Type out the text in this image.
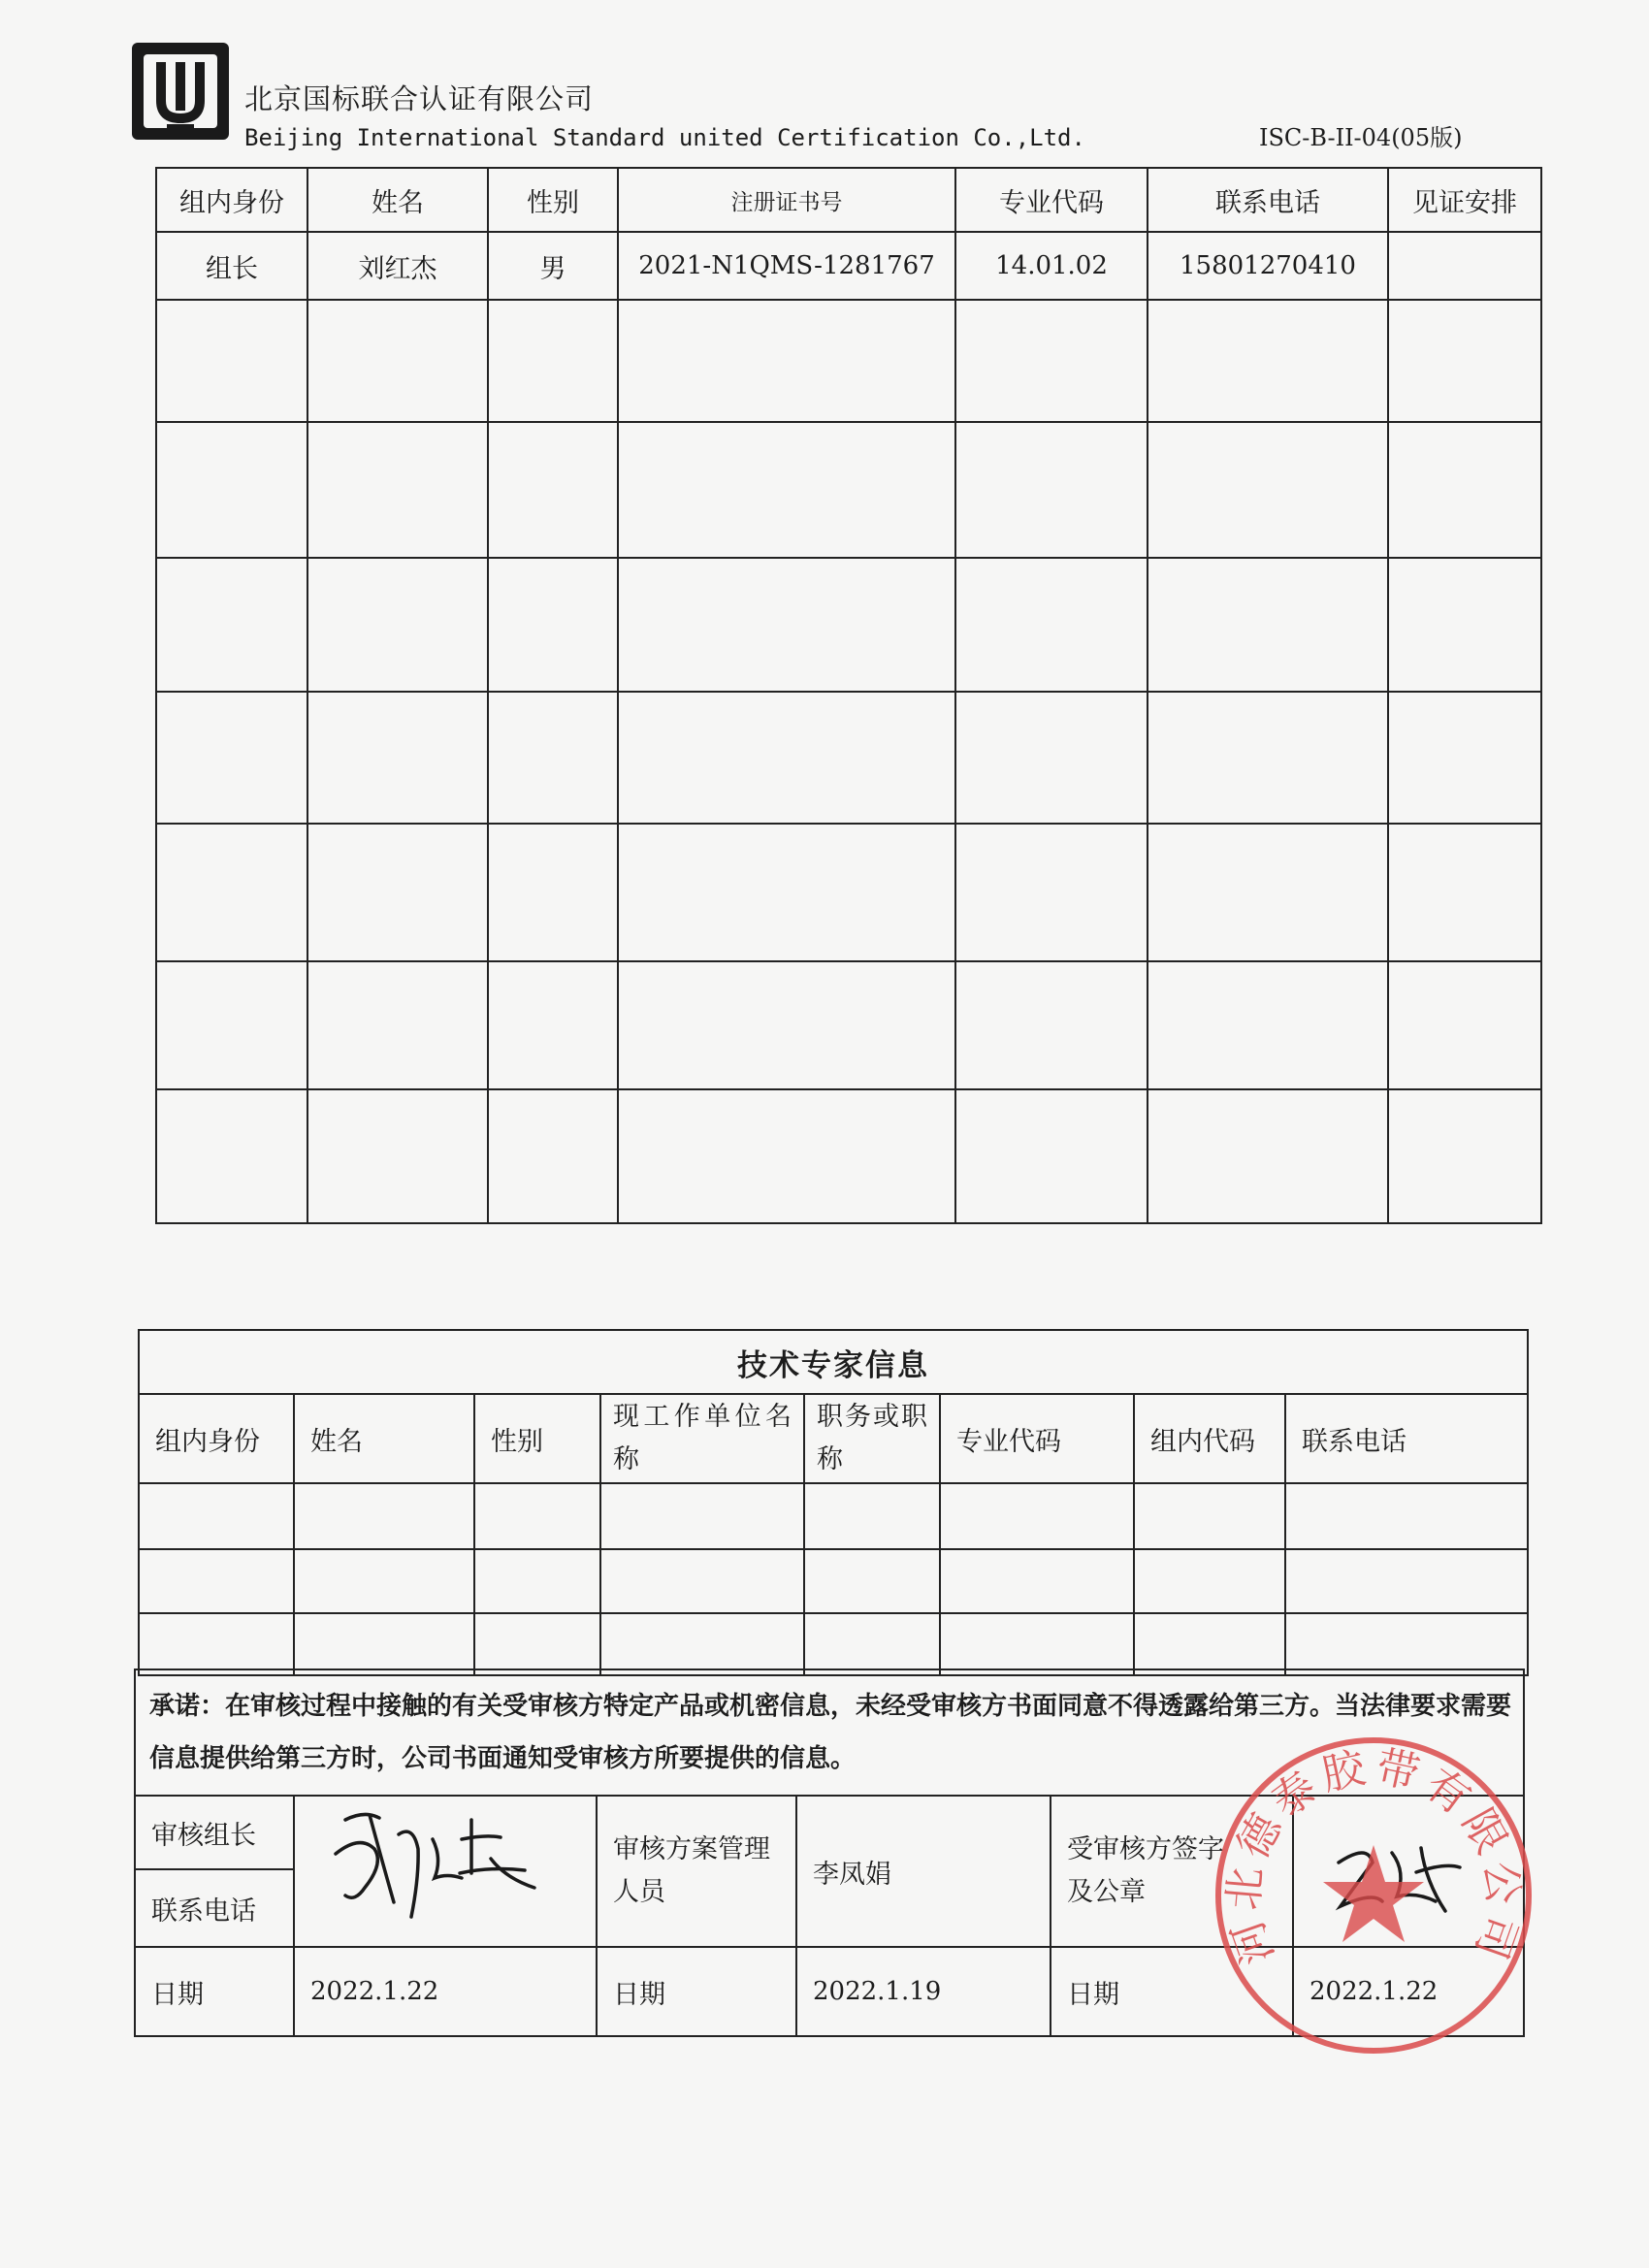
北京国标联合认证有限公司
Beijing International Standard united Certification Co.,Ltd.	ISC-B-II-04(05版)
组内身份	姓名	性别	注册证书号	专业代码	联系电话	见证安排
组长	刘红杰	男	2021-N1QMS-1281767	14.01.02	15801270410	

技术专家信息							
组内身份	姓名	性别	现工作单位名称	职务或职称	专业代码	组内代码	联系电话

承诺：在审核过程中接触的有关受审核方特定产品或机密信息，未经受审核方书面同意不得透露给第三方。当法律要求需要信息提供给第三方时，公司书面通知受审核方所要提供的信息。					
审核组长		审核方案管理人员	李凤娟	受审核方签字及公章	
联系电话					
日期	2022.1.22	日期	2022.1.19	日期	2022.1.22
河北德泰胶带有限公司
